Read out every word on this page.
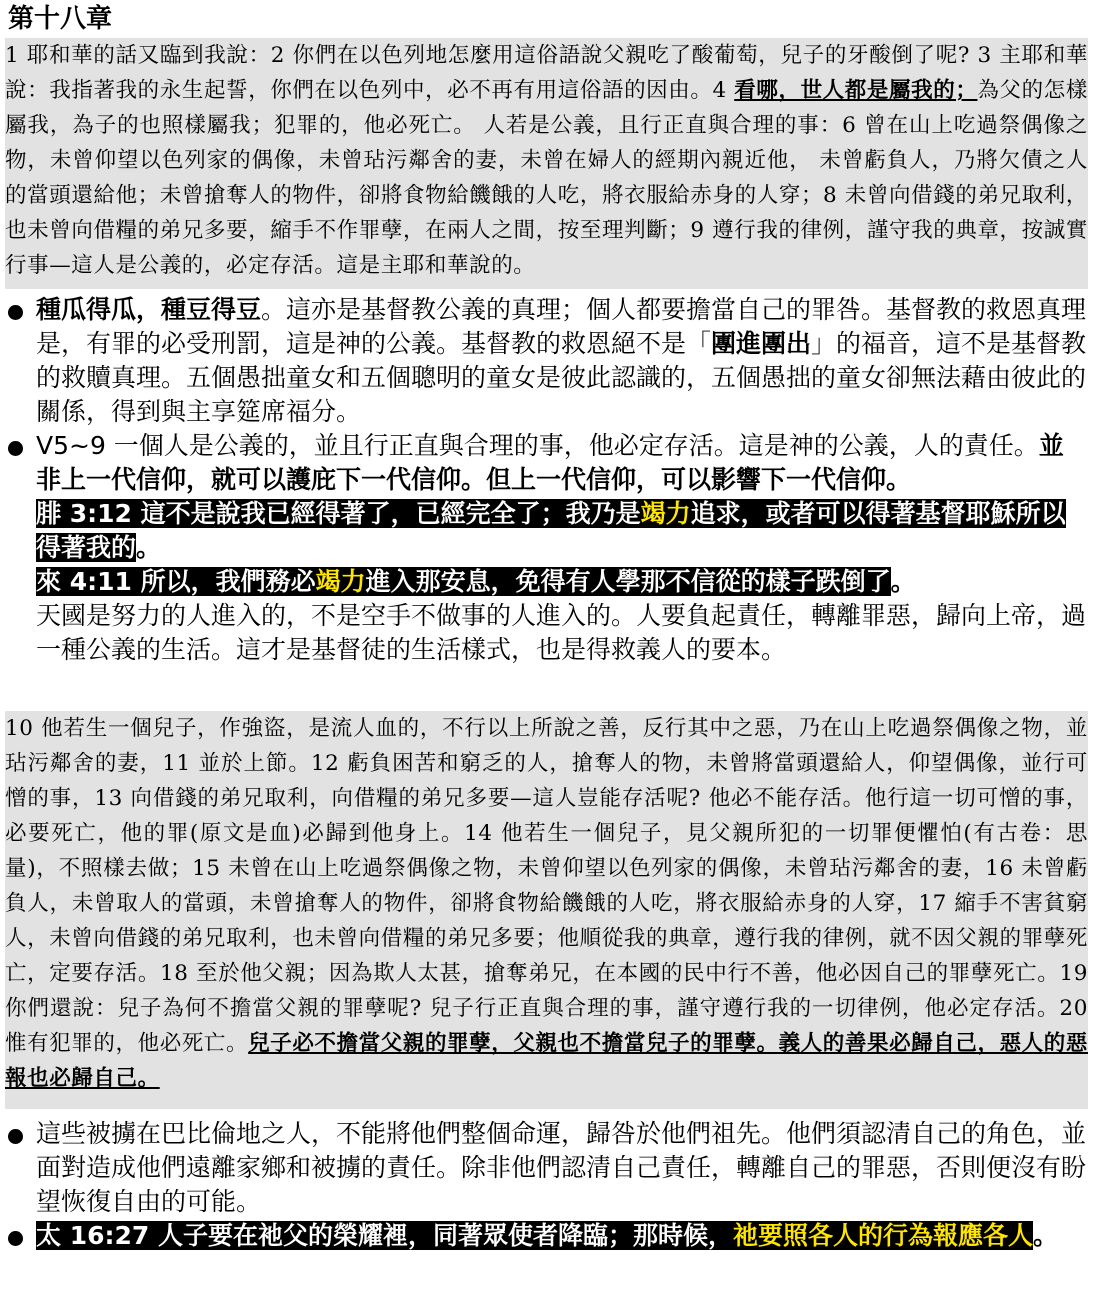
第十八章
1 耶和華的話又臨到我說：2 你們在以色列地怎麼用這俗語說父親吃了酸葡萄，兒子的牙酸倒了呢? 3 主耶和華說：我指著我的永生起誓，你們在以色列中，必不再有用這俗語的因由。4 看哪，世人都是屬我的；為父的怎樣屬我，為子的也照樣屬我；犯罪的，他必死亡。 人若是公義，且行正直與合理的事：6 曾在山上吃過祭偶像之物，未曾仰望以色列家的偶像，未曾玷污鄰舍的妻，未曾在婦人的經期內親近他， 未曾虧負人，乃將欠債之人的當頭還給他；未曾搶奪人的物件，卻將食物給饑餓的人吃，將衣服給赤身的人穿；8 未曾向借錢的弟兄取利，也未曾向借糧的弟兄多要，縮手不作罪孽，在兩人之間，按至理判斷；9 遵行我的律例，謹守我的典章，按誠實行事—這人是公義的，必定存活。這是主耶和華說的。
種瓜得瓜，種豆得豆。這亦是基督教公義的真理；個人都要擔當自己的罪咎。基督教的救恩真理是，有罪的必受刑罰，這是神的公義。基督教的救恩絕不是「團進團出」的福音，這不是基督教的救贖真理。五個愚拙童女和五個聰明的童女是彼此認識的，五個愚拙的童女卻無法藉由彼此的關係，得到與主享筵席福分。
V5~9 一個人是公義的，並且行正直與合理的事，他必定存活。這是神的公義，人的責任。並非上一代信仰，就可以護庇下一代信仰。但上一代信仰，可以影響下一代信仰。
腓 3:12 這不是說我已經得著了，已經完全了；我乃是竭力追求，或者可以得著基督耶穌所以得著我的。
來 4:11 所以，我們務必竭力進入那安息，免得有人學那不信從的樣子跌倒了。
天國是努力的人進入的，不是空手不做事的人進入的。人要負起責任，轉離罪惡，歸向上帝，過一種公義的生活。這才是基督徒的生活樣式，也是得救義人的要本。
10 他若生一個兒子，作強盜，是流人血的，不行以上所說之善，反行其中之惡，乃在山上吃過祭偶像之物，並玷污鄰舍的妻，11 並於上節。12 虧負困苦和窮乏的人，搶奪人的物，未曾將當頭還給人，仰望偶像，並行可憎的事，13 向借錢的弟兄取利，向借糧的弟兄多要—這人豈能存活呢? 他必不能存活。他行這一切可憎的事，必要死亡，他的罪(原文是血)必歸到他身上。14 他若生一個兒子，見父親所犯的一切罪便懼怕(有古卷：思量)，不照樣去做；15 未曾在山上吃過祭偶像之物，未曾仰望以色列家的偶像，未曾玷污鄰舍的妻，16 未曾虧負人，未曾取人的當頭，未曾搶奪人的物件，卻將食物給饑餓的人吃，將衣服給赤身的人穿，17 縮手不害貧窮人，未曾向借錢的弟兄取利，也未曾向借糧的弟兄多要；他順從我的典章，遵行我的律例，就不因父親的罪孽死亡，定要存活。18 至於他父親；因為欺人太甚，搶奪弟兄，在本國的民中行不善，他必因自己的罪孽死亡。19 你們還說：兒子為何不擔當父親的罪孽呢? 兒子行正直與合理的事，謹守遵行我的一切律例，他必定存活。20 惟有犯罪的，他必死亡。兒子必不擔當父親的罪孽，父親也不擔當兒子的罪孽。義人的善果必歸自己，惡人的惡報也必歸自己。
這些被擄在巴比倫地之人，不能將他們整個命運，歸咎於他們祖先。他們須認清自己的角色，並面對造成他們遠離家鄉和被擄的責任。除非他們認清自己責任，轉離自己的罪惡，否則便沒有盼望恢復自由的可能。
太 16:27 人子要在祂父的榮耀裡，同著眾使者降臨；那時候，祂要照各人的行為報應各人。
